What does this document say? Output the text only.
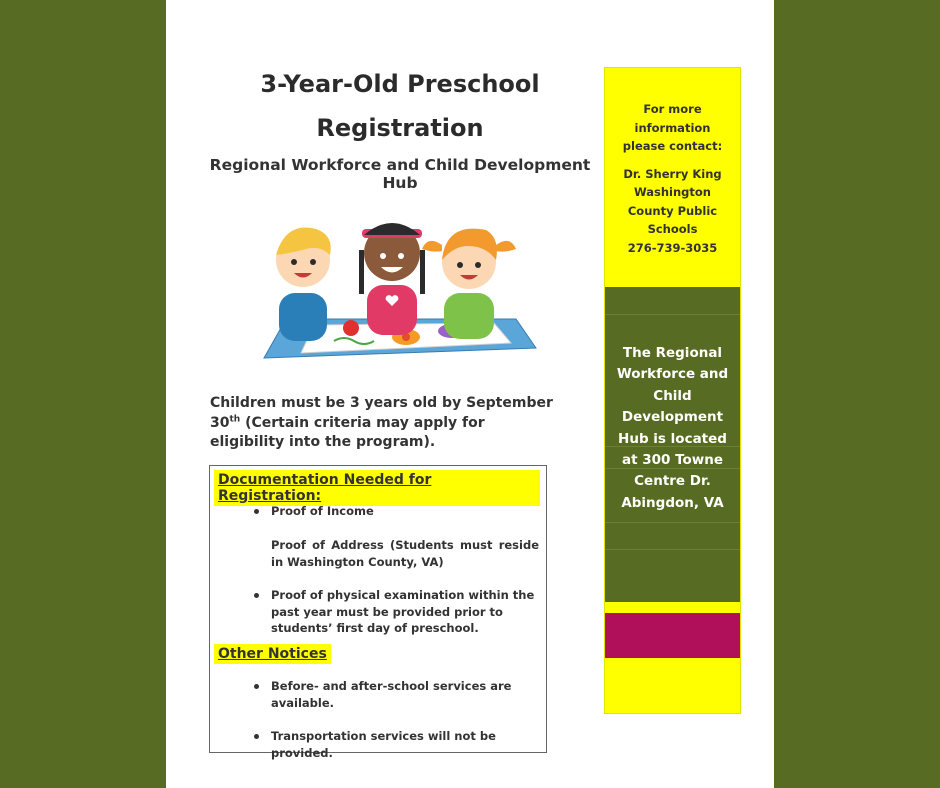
3-Year-Old Preschool
Registration
Regional Workforce and Child Development Hub
Children must be 3 years old by September 30th (Certain criteria may apply for eligibility into the program).
Documentation Needed for Registration:
Proof of Income
Proof of Address (Students must reside in Washington County, VA)
Proof of physical examination within the past year must be provided prior to students’ first day of preschool.
Other Notices
Before- and after-school services are available.
Transportation services will not be provided.
For more
information
please contact:
Dr. Sherry King
Washington
County Public
Schools
276-739-3035
The Regional
Workforce and
Child
Development
Hub is located
at 300 Towne
Centre Dr.
Abingdon, VA
